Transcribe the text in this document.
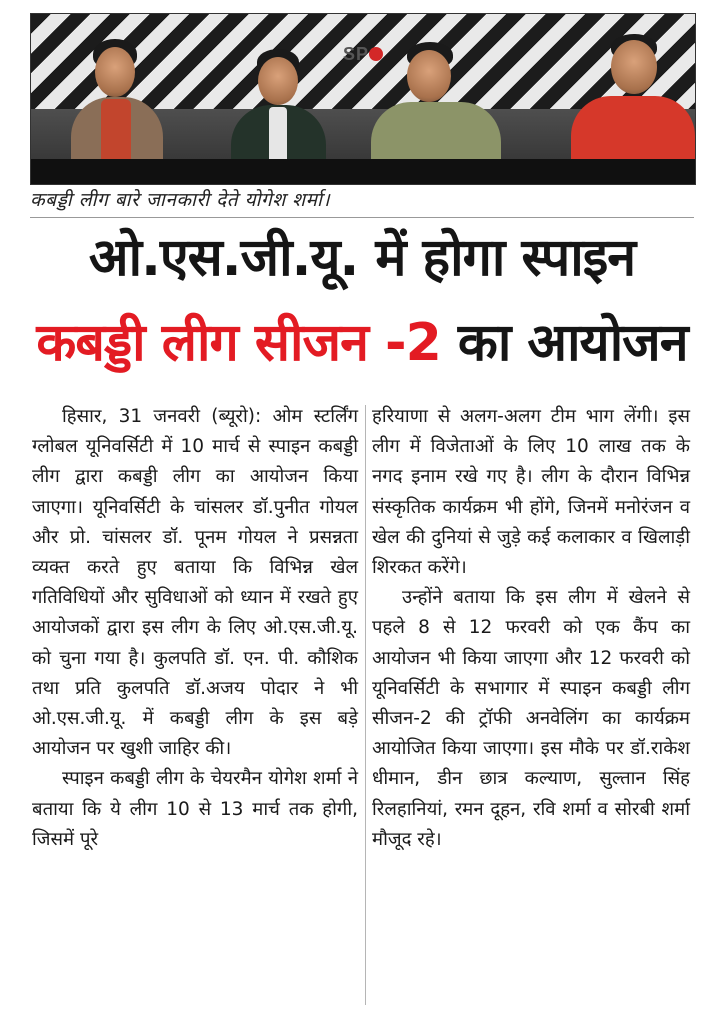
SP
कबड्डी लीग बारे जानकारी देते योगेश शर्मा।
ओ.एस.जी.यू. में होगा स्पाइन
कबड्डी लीग सीजन -2 का आयोजन

हिसार, 31 जनवरी (ब्यूरो): ओम स्टर्लिंग ग्लोबल यूनिवर्सिटी में 10 मार्च से स्पाइन कबड्डी लीग द्वारा कबड्डी लीग का आयोजन किया जाएगा। यूनिवर्सिटी के चांसलर डॉ.पुनीत गोयल और प्रो. चांसलर डॉ. पूनम गोयल ने प्रसन्नता व्यक्त करते हुए बताया कि विभिन्न खेल गतिविधियों और सुविधाओं को ध्यान में रखते हुए आयोजकों द्वारा इस लीग के लिए ओ.एस.जी.यू. को चुना गया है। कुलपति डॉ. एन. पी. कौशिक तथा प्रति कुलपति डॉ.अजय पोदार ने भी ओ.एस.जी.यू. में कबड्डी लीग के इस बड़े आयोजन पर खुशी जाहिर की।

स्पाइन कबड्डी लीग के चेयरमैन योगेश शर्मा ने बताया कि ये लीग 10 से 13 मार्च तक होगी, जिसमें पूरे

हरियाणा से अलग-अलग टीम भाग लेंगी। इस लीग में विजेताओं के लिए 10 लाख तक के नगद इनाम रखे गए है। लीग के दौरान विभिन्न संस्कृतिक कार्यक्रम भी होंगे, जिनमें मनोरंजन व खेल की दुनियां से जुड़े कई कलाकार व खिलाड़ी शिरकत करेंगे।

उन्होंने बताया कि इस लीग में खेलने से पहले 8 से 12 फरवरी को एक कैंप का आयोजन भी किया जाएगा और 12 फरवरी को यूनिवर्सिटी के सभागार में स्पाइन कबड्डी लीग सीजन-2 की ट्रॉफी अनवेलिंग का कार्यक्रम आयोजित किया जाएगा। इस मौके पर डॉ.राकेश धीमान, डीन छात्र कल्याण, सुल्तान सिंह रिलहानियां, रमन दूहन, रवि शर्मा व सोरबी शर्मा मौजूद रहे।
